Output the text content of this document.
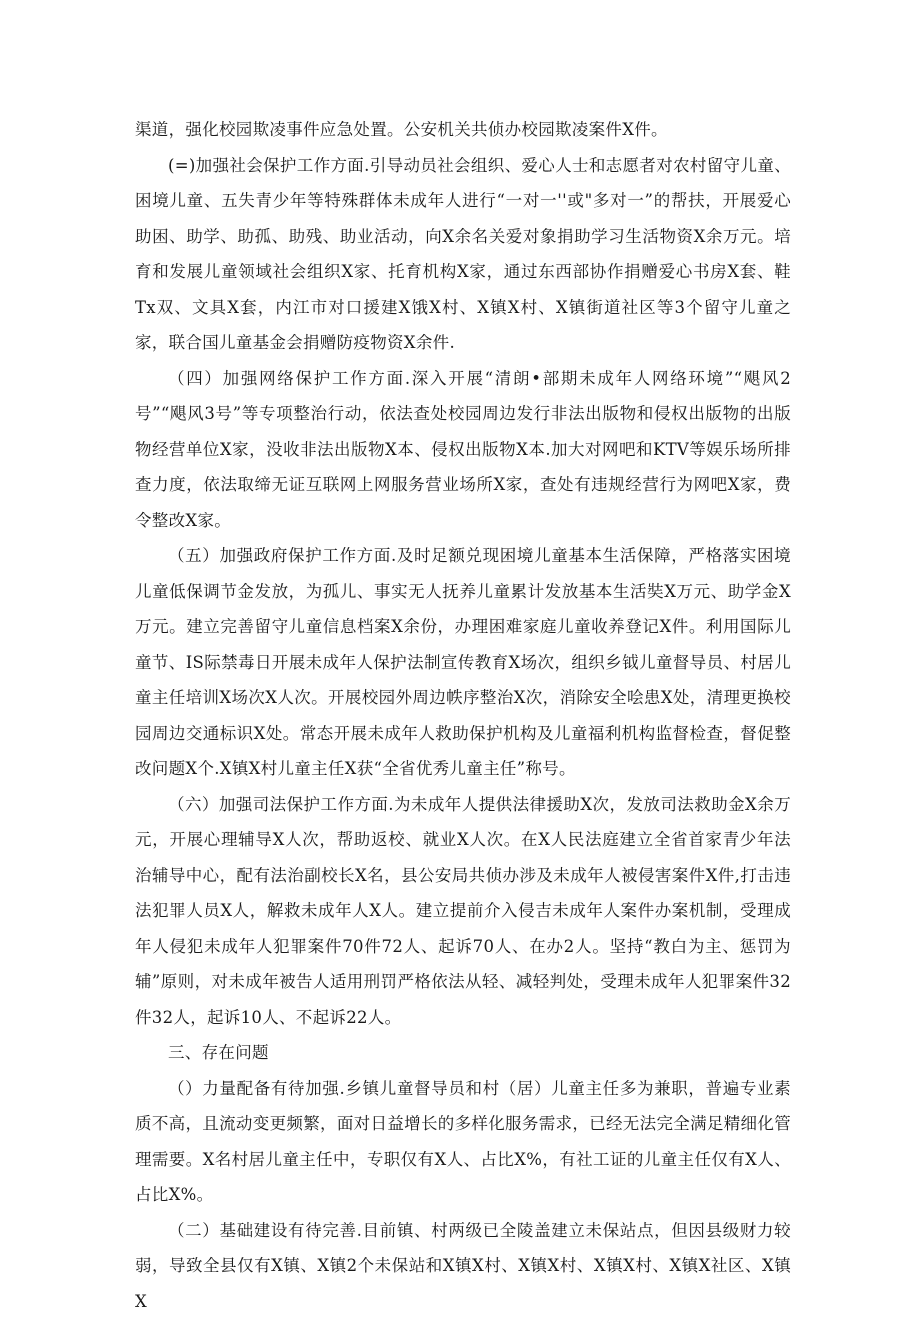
渠道，强化校园欺凌事件应急处置。公安机关共侦办校园欺凌案件X件。

(=)加强社会保护工作方面.引导动员社会组织、爱心人士和志愿者对农村留守儿童、困境儿童、五失青少年等特殊群体未成年人进行“一对一''或"多对一”的帮扶，开展爱心助困、助学、助孤、助残、助业活动，向X余名关爱对象捐助学习生活物资X余万元。培育和发展儿童领域社会组织X家、托育机构X家，通过东西部协作捐赠爱心书房X套、鞋Tx双、文具X套，内江市对口援建X饿X村、X镇X村、X镇街道社区等3个留守儿童之家，联合国儿童基金会捐赠防疫物资X余件.

（四）加强网络保护工作方面.深入开展“清朗•部期未成年人网络环境”“飓风2号”“飓风3号”等专项整治行动，依法查处校园周边发行非法出版物和侵权出版物的出版物经营单位X家，没收非法出版物X本、侵权出版物X本.加大对网吧和KTV等娱乐场所排查力度，依法取缔无证互联网上网服务营业场所X家，查处有违规经营行为网吧X家，费令整改X家。

（五）加强政府保护工作方面.及时足额兑现困境儿童基本生活保障，严格落实困境儿童低保调节金发放，为孤儿、事实无人抚养儿童累计发放基本生活奘X万元、助学金X万元。建立完善留守儿童信息档案X余份，办理困难家庭儿童收养登记X件。利用国际儿童节、IS际禁毒日开展未成年人保护法制宣传教育X场次，组织乡钺儿童督导员、村居儿童主任培训X场次X人次。开展校园外周边帙序整治X次，消除安全哙患X处，清理更换校园周边交通标识X处。常态开展未成年人救助保护机构及儿童福利机构监督检查，督促整改问题X个.X镇X村儿童主任X获“全省优秀儿童主任”称号。

（六）加强司法保护工作方面.为未成年人提供法律援助X次，发放司法救助金X余万元，开展心理辅导X人次，帮助返校、就业X人次。在X人民法庭建立全省首家青少年法治辅导中心，配有法治副校长X名，县公安局共侦办涉及未成年人被侵害案件X件,打击违法犯罪人员X人，解救未成年人X人。建立提前介入侵吉未成年人案件办案机制，受理成年人侵犯未成年人犯罪案件70件72人、起诉70人、在办2人。坚持“教白为主、惩罚为辅”原则，对未成年被告人适用刑罚严格依法从轻、减轻判处，受理未成年人犯罪案件32件32人，起诉10人、不起诉22人。

三、存在问题

（）力量配备有待加强.乡镇儿童督导员和村（居）儿童主任多为兼职，普遍专业素质不高，且流动变更频繁，面对日益增长的多样化服务需求，已经无法完全满足精细化管理需要。X名村居儿童主任中，专职仅有X人、占比X%，有社工证的儿童主任仅有X人、占比X%。

（二）基础建设有待完善.目前镇、村两级已全陵盖建立未保站点，但因县级财力较弱，导致全县仅有X镇、X镇2个未保站和X镇X村、X镇X村、X镇X村、X镇X社区、X镇X
